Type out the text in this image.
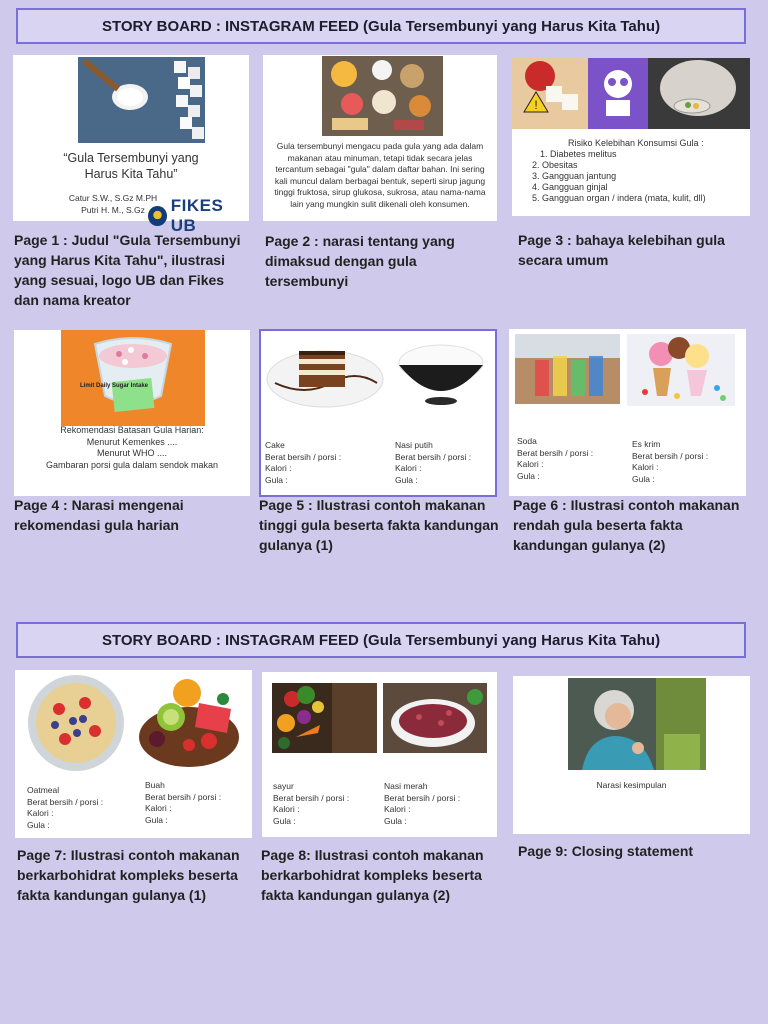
STORY BOARD : INSTAGRAM FEED (Gula Tersembunyi yang Harus Kita Tahu)
“Gula Tersembunyi yang Harus Kita Tahu”
Catur S.W., S.Gz M.PH
Putri H. M., S.Gz	FIKES UB
Page 1 : Judul "Gula Tersembunyi yang Harus Kita Tahu", ilustrasi yang sesuai, logo UB dan Fikes dan nama kreator
Gula tersembunyi mengacu pada gula yang ada dalam makanan atau minuman, tetapi tidak secara jelas tercantum sebagai "gula" dalam daftar bahan. Ini sering kali muncul dalam berbagai bentuk, seperti sirup jagung tinggi fruktosa, sirup glukosa, sukrosa, atau nama-nama lain yang mungkin sulit dikenali oleh konsumen.
Page 2 : narasi tentang yang dimaksud dengan gula tersembunyi
!
Risiko Kelebihan Konsumsi Gula :
1. Diabetes melitus
2. Obesitas
3. Gangguan jantung
4. Gangguan ginjal
5. Gangguan organ / indera (mata, kulit, dll)
Page 3 : bahaya kelebihan gula secara umum
Limit Daily Sugar Intake
Rekomendasi Batasan Gula Harian:
Menurut Kemenkes ....
Menurut WHO ....
Gambaran porsi gula dalam sendok makan
Page 4 : Narasi mengenai rekomendasi gula harian
Cake
Berat bersih / porsi :
Kalori :
Gula :
Nasi putih
Berat bersih / porsi :
Kalori :
Gula :
Page 5 : Ilustrasi contoh makanan tinggi gula beserta fakta kandungan gulanya (1)
Soda
Berat bersih / porsi :
Kalori :
Gula :
Es krim
Berat bersih / porsi :
Kalori :
Gula :
Page 6 : Ilustrasi contoh makanan rendah gula beserta fakta kandungan gulanya (2)
STORY BOARD : INSTAGRAM FEED (Gula Tersembunyi yang Harus Kita Tahu)
Oatmeal
Berat bersih / porsi :
Kalori :
Gula :
Buah
Berat bersih / porsi :
Kalori :
Gula :
Page 7: Ilustrasi contoh makanan berkarbohidrat kompleks beserta fakta kandungan gulanya (1)
sayur
Berat bersih / porsi :
Kalori :
Gula :
Nasi merah
Berat bersih / porsi :
Kalori :
Gula :
Page 8: Ilustrasi contoh makanan berkarbohidrat kompleks beserta fakta kandungan gulanya (2)
Narasi kesimpulan
Page 9: Closing statement
